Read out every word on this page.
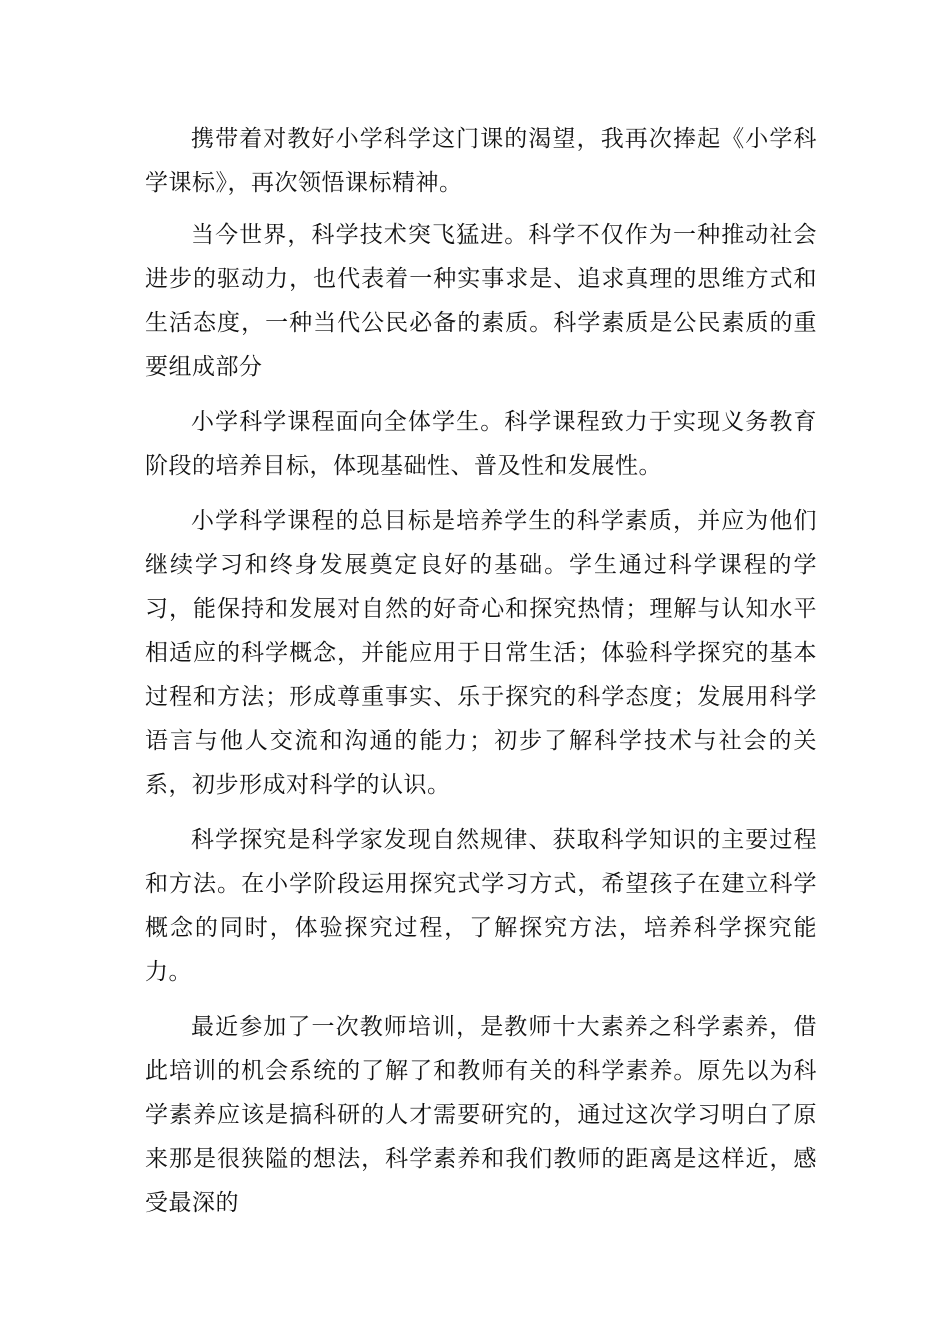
携带着对教好小学科学这门课的渴望，我再次捧起《小学科学课标》，再次领悟课标精神。

当今世界，科学技术突飞猛进。科学不仅作为一种推动社会进步的驱动力，也代表着一种实事求是、追求真理的思维方式和生活态度，一种当代公民必备的素质。科学素质是公民素质的重要组成部分

小学科学课程面向全体学生。科学课程致力于实现义务教育阶段的培养目标，体现基础性、普及性和发展性。

小学科学课程的总目标是培养学生的科学素质，并应为他们继续学习和终身发展奠定良好的基础。学生通过科学课程的学习，能保持和发展对自然的好奇心和探究热情；理解与认知水平相适应的科学概念，并能应用于日常生活；体验科学探究的基本过程和方法；形成尊重事实、乐于探究的科学态度；发展用科学语言与他人交流和沟通的能力；初步了解科学技术与社会的关系，初步形成对科学的认识。

科学探究是科学家发现自然规律、获取科学知识的主要过程和方法。在小学阶段运用探究式学习方式，希望孩子在建立科学概念的同时，体验探究过程，了解探究方法，培养科学探究能力。

最近参加了一次教师培训，是教师十大素养之科学素养，借此培训的机会系统的了解了和教师有关的科学素养。原先以为科学素养应该是搞科研的人才需要研究的，通过这次学习明白了原来那是很狭隘的想法，科学素养和我们教师的距离是这样近，感受最深的
